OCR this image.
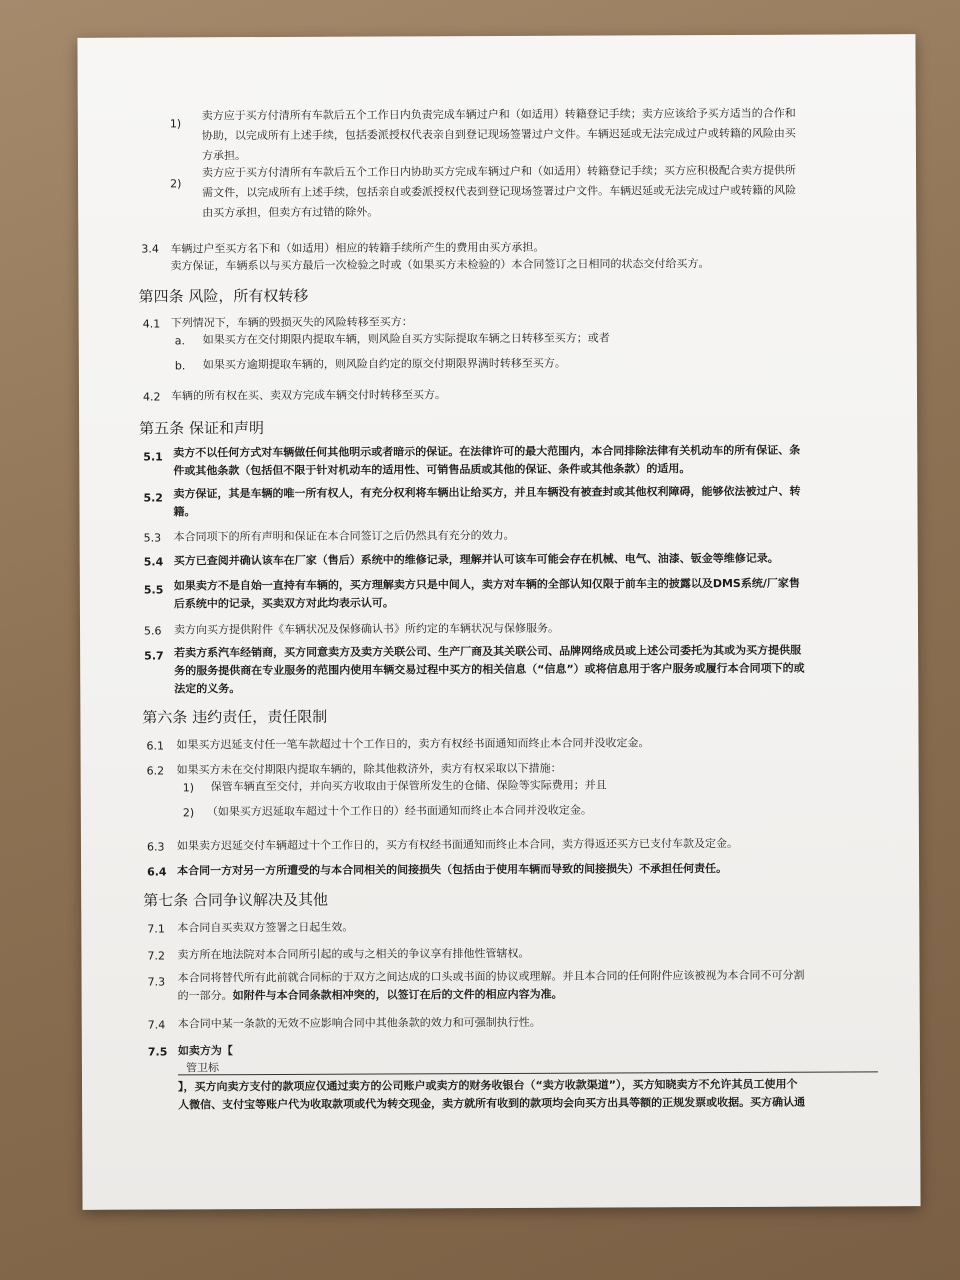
1)
卖方应于买方付清所有车款后五个工作日内负责完成车辆过户和（如适用）转籍登记手续；卖方应该给予买方适当的合作和
协助，以完成所有上述手续，包括委派授权代表亲自到登记现场签署过户文件。车辆迟延或无法完成过户或转籍的风险由买
方承担。
2)
卖方应于买方付清所有车款后五个工作日内协助买方完成车辆过户和（如适用）转籍登记手续；买方应积极配合卖方提供所
需文件，以完成所有上述手续，包括亲自或委派授权代表到登记现场签署过户文件。车辆迟延或无法完成过户或转籍的风险
由买方承担，但卖方有过错的除外。
3.4 车辆过户至买方名下和（如适用）相应的转籍手续所产生的费用由买方承担。
卖方保证，车辆系以与买方最后一次检验之时或（如果买方未检验的）本合同签订之日相同的状态交付给买方。
第四条 风险，所有权转移
4.1 下列情况下，车辆的毁损灭失的风险转移至买方：
a. 如果买方在交付期限内提取车辆，则风险自买方实际提取车辆之日转移至买方；或者
b. 如果买方逾期提取车辆的，则风险自约定的原交付期限界满时转移至买方。
4.2 车辆的所有权在买、卖双方完成车辆交付时转移至买方。
第五条 保证和声明
5.1 卖方不以任何方式对车辆做任何其他明示或者暗示的保证。在法律许可的最大范围内，本合同排除法律有关机动车的所有保证、条
件或其他条款（包括但不限于针对机动车的适用性、可销售品质或其他的保证、条件或其他条款）的适用。
5.2 卖方保证，其是车辆的唯一所有权人，有充分权利将车辆出让给买方，并且车辆没有被查封或其他权利障碍，能够依法被过户、转
籍。
5.3 本合同项下的所有声明和保证在本合同签订之后仍然具有充分的效力。
5.4 买方已查阅并确认该车在厂家（售后）系统中的维修记录，理解并认可该车可能会存在机械、电气、油漆、钣金等维修记录。
5.5 如果卖方不是自始一直持有车辆的，买方理解卖方只是中间人，卖方对车辆的全部认知仅限于前车主的披露以及DMS系统/厂家售
后系统中的记录，买卖双方对此均表示认可。
5.6 卖方向买方提供附件《车辆状况及保修确认书》所约定的车辆状况与保修服务。
5.7 若卖方系汽车经销商，买方同意卖方及卖方关联公司、生产厂商及其关联公司、品牌网络成员或上述公司委托为其或为买方提供服
务的服务提供商在专业服务的范围内使用车辆交易过程中买方的相关信息（“信息”）或将信息用于客户服务或履行本合同项下的或
法定的义务。
第六条 违约责任，责任限制
6.1 如果买方迟延支付任一笔车款超过十个工作日的，卖方有权经书面通知而终止本合同并没收定金。
6.2 如果买方未在交付期限内提取车辆的，除其他救济外，卖方有权采取以下措施：
1) 保管车辆直至交付，并向买方收取由于保管所发生的仓储、保险等实际费用；并且
2) （如果买方迟延取车超过十个工作日的）经书面通知而终止本合同并没收定金。
6.3 如果卖方迟延交付车辆超过十个工作日的，买方有权经书面通知而终止本合同，卖方得返还买方已支付车款及定金。
6.4 本合同一方对另一方所遭受的与本合同相关的间接损失（包括由于使用车辆而导致的间接损失）不承担任何责任。
第七条 合同争议解决及其他
7.1 本合同自买卖双方签署之日起生效。
7.2 卖方所在地法院对本合同所引起的或与之相关的争议享有排他性管辖权。
7.3 本合同将替代所有此前就合同标的于双方之间达成的口头或书面的协议或理解。并且本合同的任何附件应该被视为本合同不可分割
的一部分。如附件与本合同条款相冲突的，以签订在后的文件的相应内容为准。
7.4 本合同中某一条款的无效不应影响合同中其他条款的效力和可强制执行性。
7.5 如卖方为【
管卫标
】，买方向卖方支付的款项应仅通过卖方的公司账户或卖方的财务收银台（“卖方收款渠道”），买方知晓卖方不允许其员工使用个
人微信、支付宝等账户代为收取款项或代为转交现金，卖方就所有收到的款项均会向买方出具等额的正规发票或收据。买方确认通
